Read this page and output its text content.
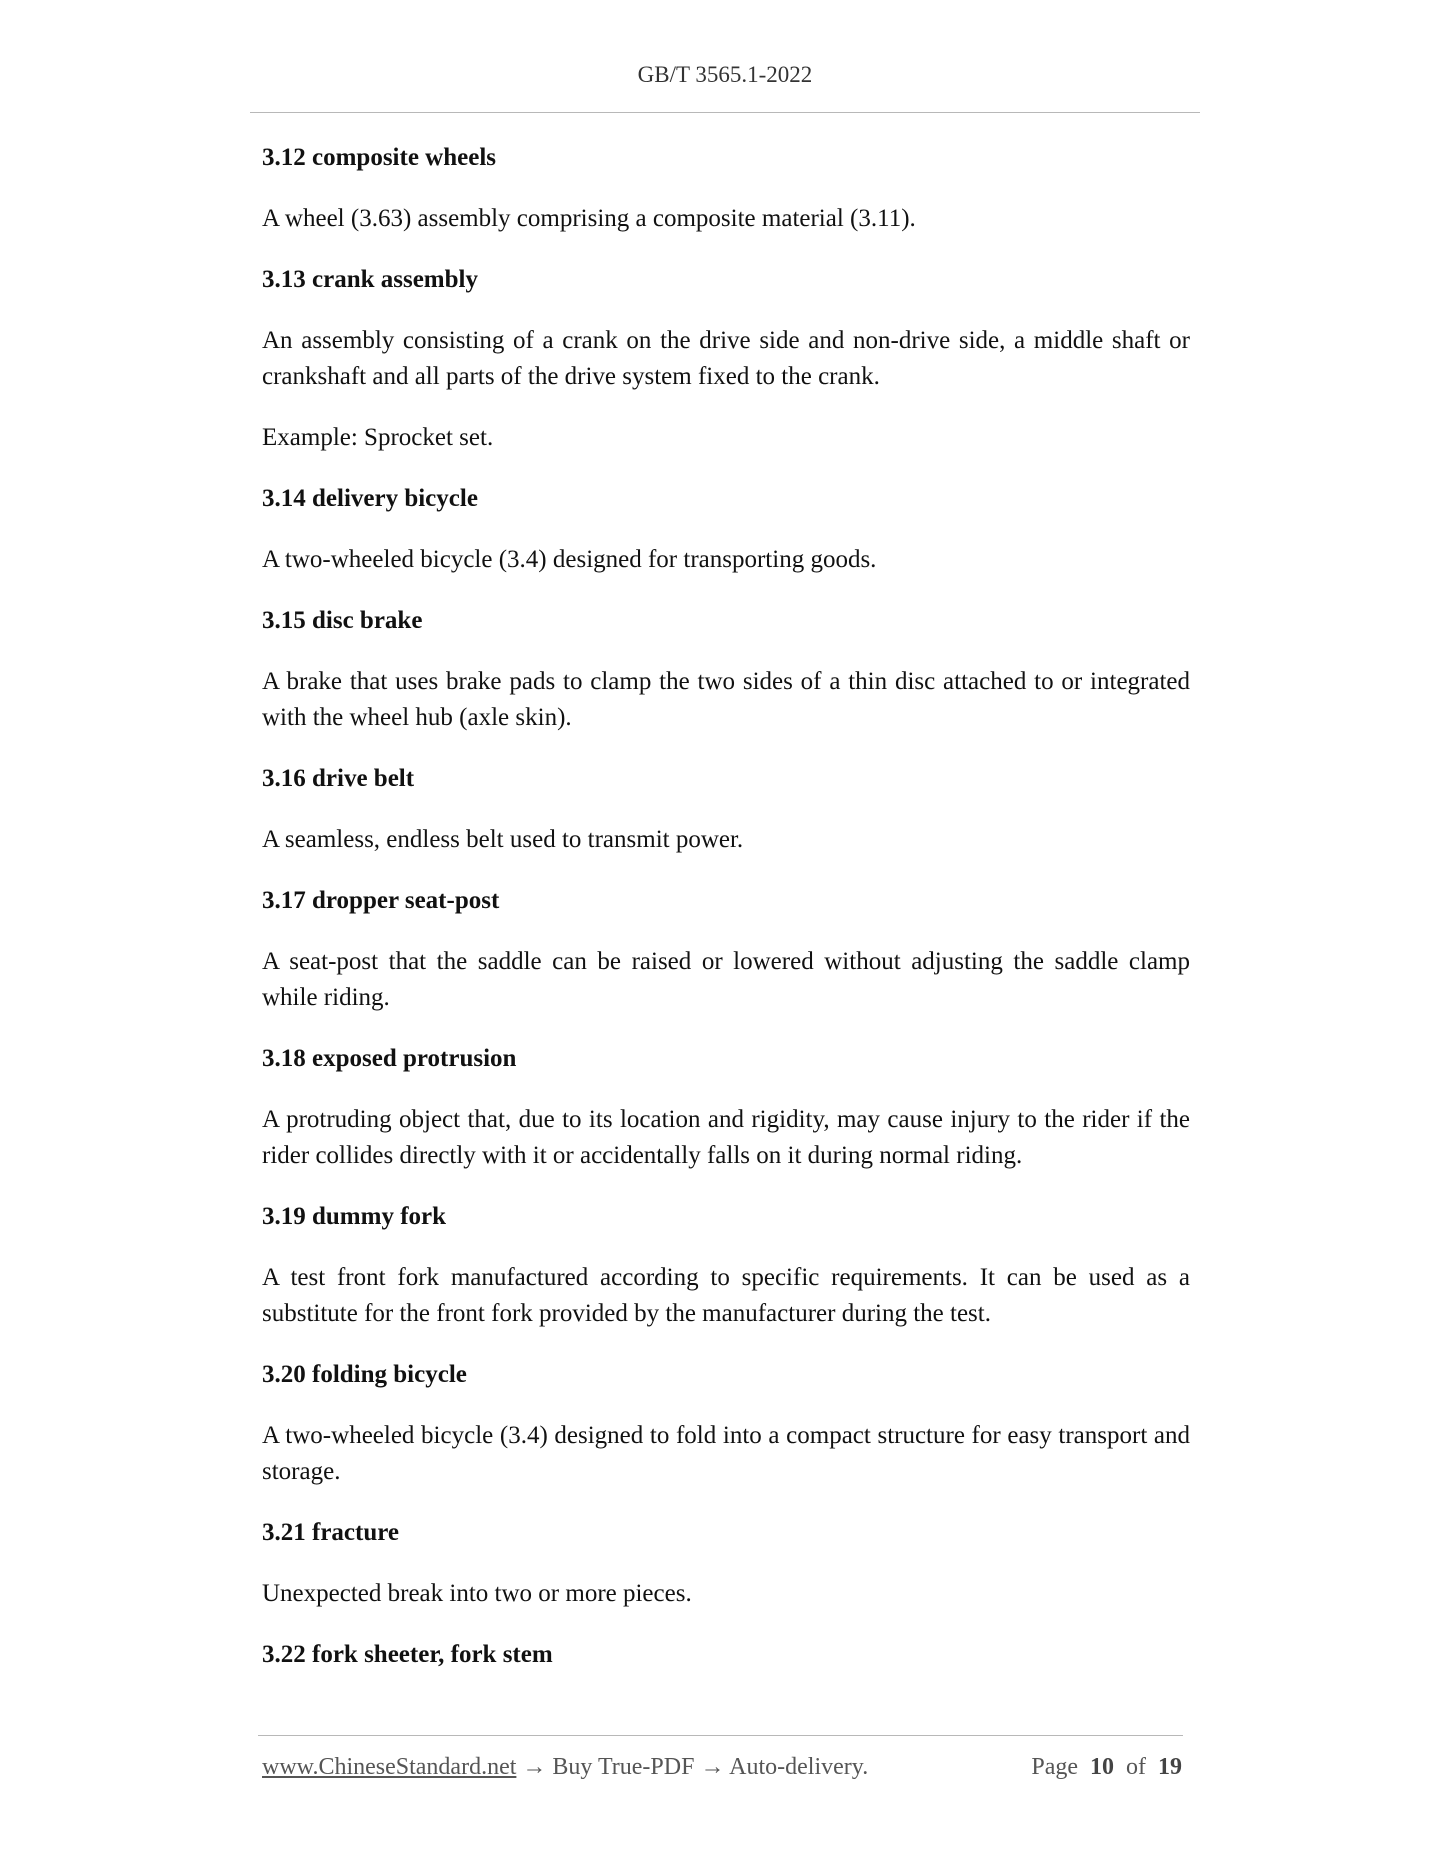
GB/T 3565.1-2022
3.12 composite wheels

A wheel (3.63) assembly comprising a composite material (3.11).

3.13 crank assembly

An assembly consisting of a crank on the drive side and non-drive side, a middle shaft or crankshaft and all parts of the drive system fixed to the crank.

Example: Sprocket set.

3.14 delivery bicycle

A two-wheeled bicycle (3.4) designed for transporting goods.

3.15 disc brake

A brake that uses brake pads to clamp the two sides of a thin disc attached to or integrated with the wheel hub (axle skin).

3.16 drive belt

A seamless, endless belt used to transmit power.

3.17 dropper seat-post

A seat-post that the saddle can be raised or lowered without adjusting the saddle clamp while riding.

3.18 exposed protrusion

A protruding object that, due to its location and rigidity, may cause injury to the rider if the rider collides directly with it or accidentally falls on it during normal riding.

3.19 dummy fork

A test front fork manufactured according to specific requirements. It can be used as a substitute for the front fork provided by the manufacturer during the test.

3.20 folding bicycle

A two-wheeled bicycle (3.4) designed to fold into a compact structure for easy transport and storage.

3.21 fracture

Unexpected break into two or more pieces.

3.22 fork sheeter, fork stem
www.ChineseStandard.net → Buy True-PDF → Auto-delivery.	Page 10 of 19
